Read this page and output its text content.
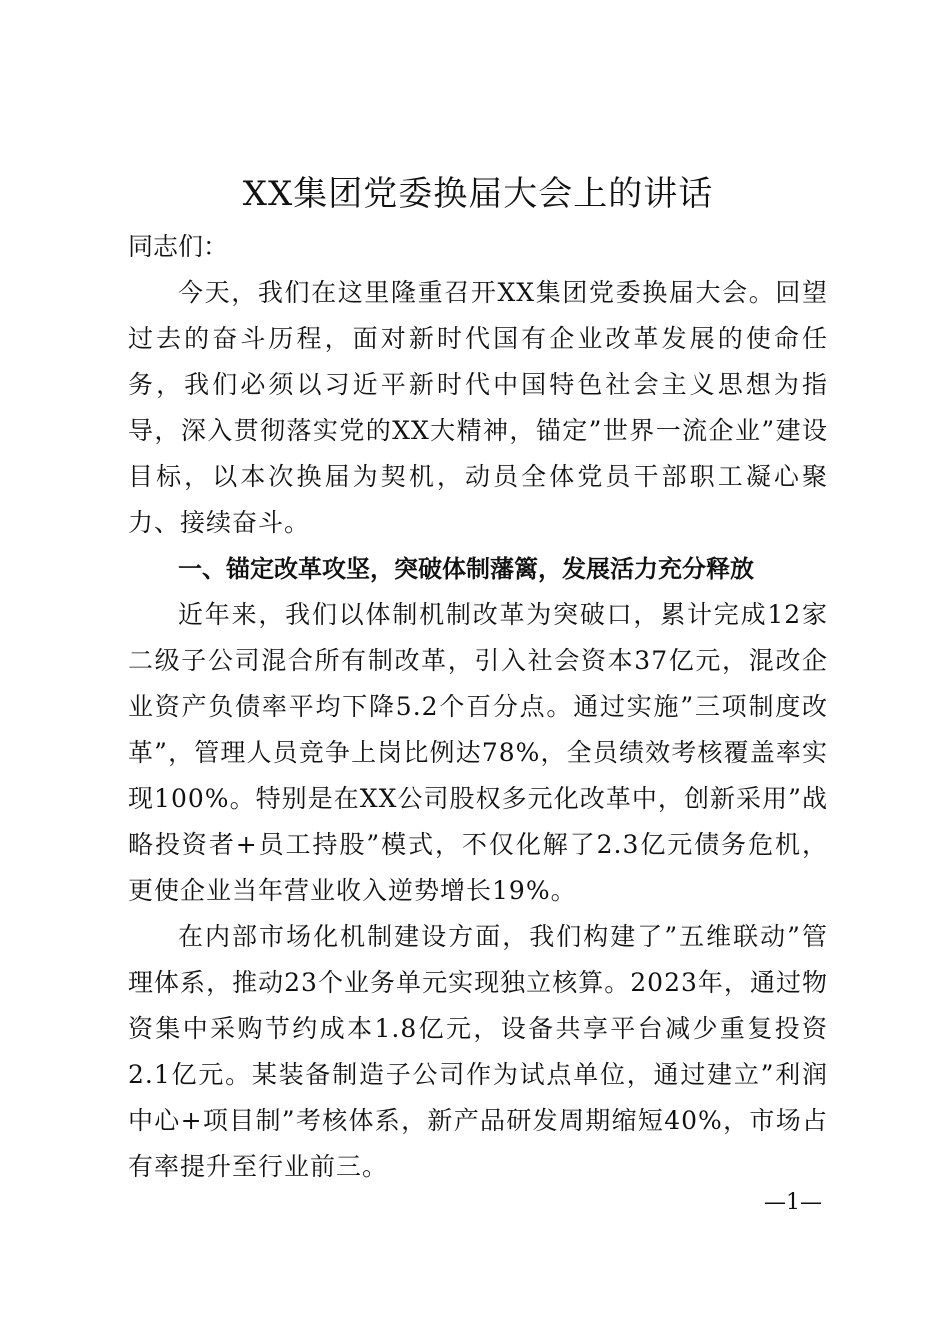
XX集团党委换届大会上的讲话

同志们：

今天，我们在这里隆重召开XX集团党委换届大会。回望过去的奋斗历程，面对新时代国有企业改革发展的使命任务，我们必须以习近平新时代中国特色社会主义思想为指导，深入贯彻落实党的XX大精神，锚定”世界一流企业”建设目标，以本次换届为契机，动员全体党员干部职工凝心聚力、接续奋斗。

一、锚定改革攻坚，突破体制藩篱，发展活力充分释放

近年来，我们以体制机制改革为突破口，累计完成12家二级子公司混合所有制改革，引入社会资本37亿元，混改企业资产负债率平均下降5.2个百分点。通过实施”三项制度改革”，管理人员竞争上岗比例达78%，全员绩效考核覆盖率实现100%。特别是在XX公司股权多元化改革中，创新采用”战略投资者+员工持股”模式，不仅化解了2.3亿元债务危机，更使企业当年营业收入逆势增长19%。

在内部市场化机制建设方面，我们构建了”五维联动”管理体系，推动23个业务单元实现独立核算。2023年，通过物资集中采购节约成本1.8亿元，设备共享平台减少重复投资2.1亿元。某装备制造子公司作为试点单位，通过建立”利润中心+项目制”考核体系，新产品研发周期缩短40%，市场占有率提升至行业前三。

—1—
